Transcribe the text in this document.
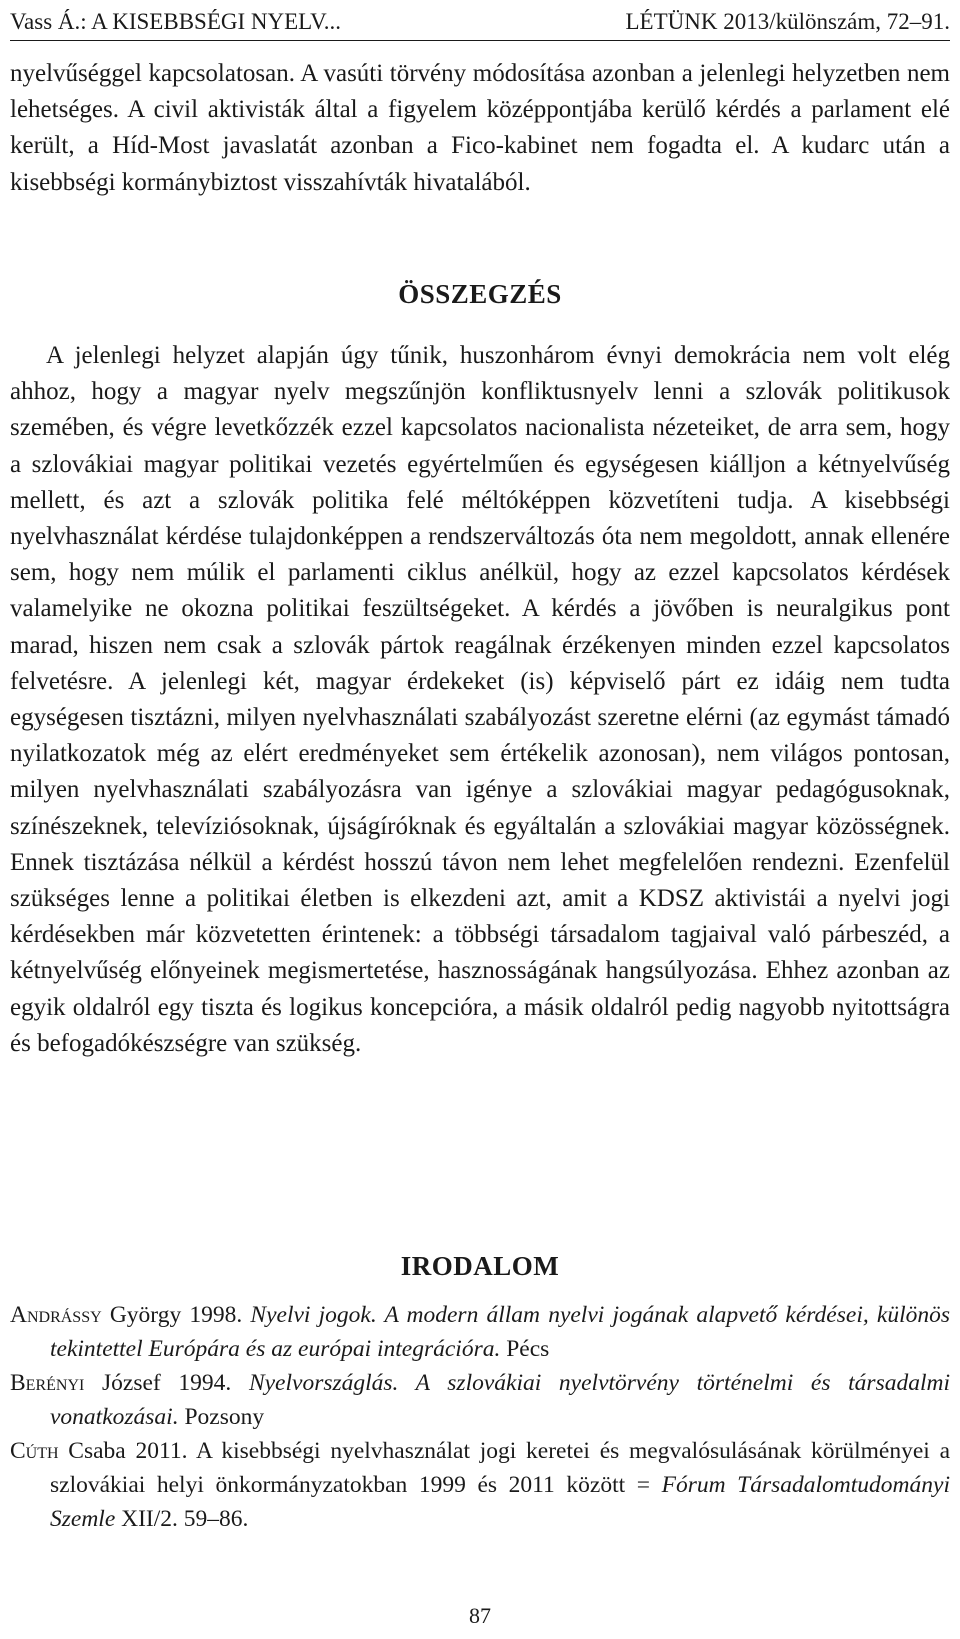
Vass Á.: A KISEBBSÉGI NYELV...	LÉTÜNK 2013/különszám, 72–91.

nyelvűséggel kapcsolatosan. A vasúti törvény módosítása azonban a jelenlegi helyzetben nem lehetséges. A civil aktivisták által a figyelem középpontjába kerülő kérdés a parlament elé került, a Híd-Most javaslatát azonban a Fico-kabinet nem fogadta el. A kudarc után a kisebbségi kormánybiztost visszahívták hivatalából.

ÖSSZEGZÉS

A jelenlegi helyzet alapján úgy tűnik, huszonhárom évnyi demokrácia nem volt elég ahhoz, hogy a magyar nyelv megszűnjön konfliktusnyelv lenni a szlovák politikusok szemében, és végre levetkőzzék ezzel kapcsolatos nacionalista nézeteiket, de arra sem, hogy a szlovákiai magyar politikai vezetés egyértelműen és egységesen kiálljon a kétnyelvűség mellett, és azt a szlovák politika felé méltóképpen közvetíteni tudja. A kisebbségi nyelvhasználat kérdése tulajdonképpen a rendszerváltozás óta nem megoldott, annak ellenére sem, hogy nem múlik el parlamenti ciklus anélkül, hogy az ezzel kapcsolatos kérdések valamelyike ne okozna politikai feszültségeket. A kérdés a jövőben is neuralgikus pont marad, hiszen nem csak a szlovák pártok reagálnak érzékenyen minden ezzel kapcsolatos felvetésre. A jelenlegi két, magyar érdekeket (is) képviselő párt ez idáig nem tudta egységesen tisztázni, milyen nyelvhasználati szabályozást szeretne elérni (az egymást támadó nyilatkozatok még az elért eredményeket sem értékelik azonosan), nem világos pontosan, milyen nyelvhasználati szabályozásra van igénye a szlovákiai magyar pedagógusoknak, színészeknek, televíziósoknak, újságíróknak és egyáltalán a szlovákiai magyar közösségnek. Ennek tisztázása nélkül a kérdést hosszú távon nem lehet megfelelően rendezni. Ezenfelül szükséges lenne a politikai életben is elkezdeni azt, amit a KDSZ aktivistái a nyelvi jogi kérdésekben már közvetetten érintenek: a többségi társadalom tagjaival való párbeszéd, a kétnyelvűség előnyeinek megismertetése, hasznosságának hangsúlyozása. Ehhez azonban az egyik oldalról egy tiszta és logikus koncepcióra, a másik oldalról pedig nagyobb nyitottságra és befogadókészségre van szükség.

IRODALOM
Andrássy György 1998. Nyelvi jogok. A modern állam nyelvi jogának alapvető kérdései, különös tekintettel Európára és az európai integrációra. Pécs
Berényi József 1994. Nyelvországlás. A szlovákiai nyelvtörvény történelmi és társadalmi vonatkozásai. Pozsony
Cúth Csaba 2011. A kisebbségi nyelvhasználat jogi keretei és megvalósulásának körülményei a szlovákiai helyi önkormányzatokban 1999 és 2011 között = Fórum Társadalomtudományi Szemle XII/2. 59–86.
87
